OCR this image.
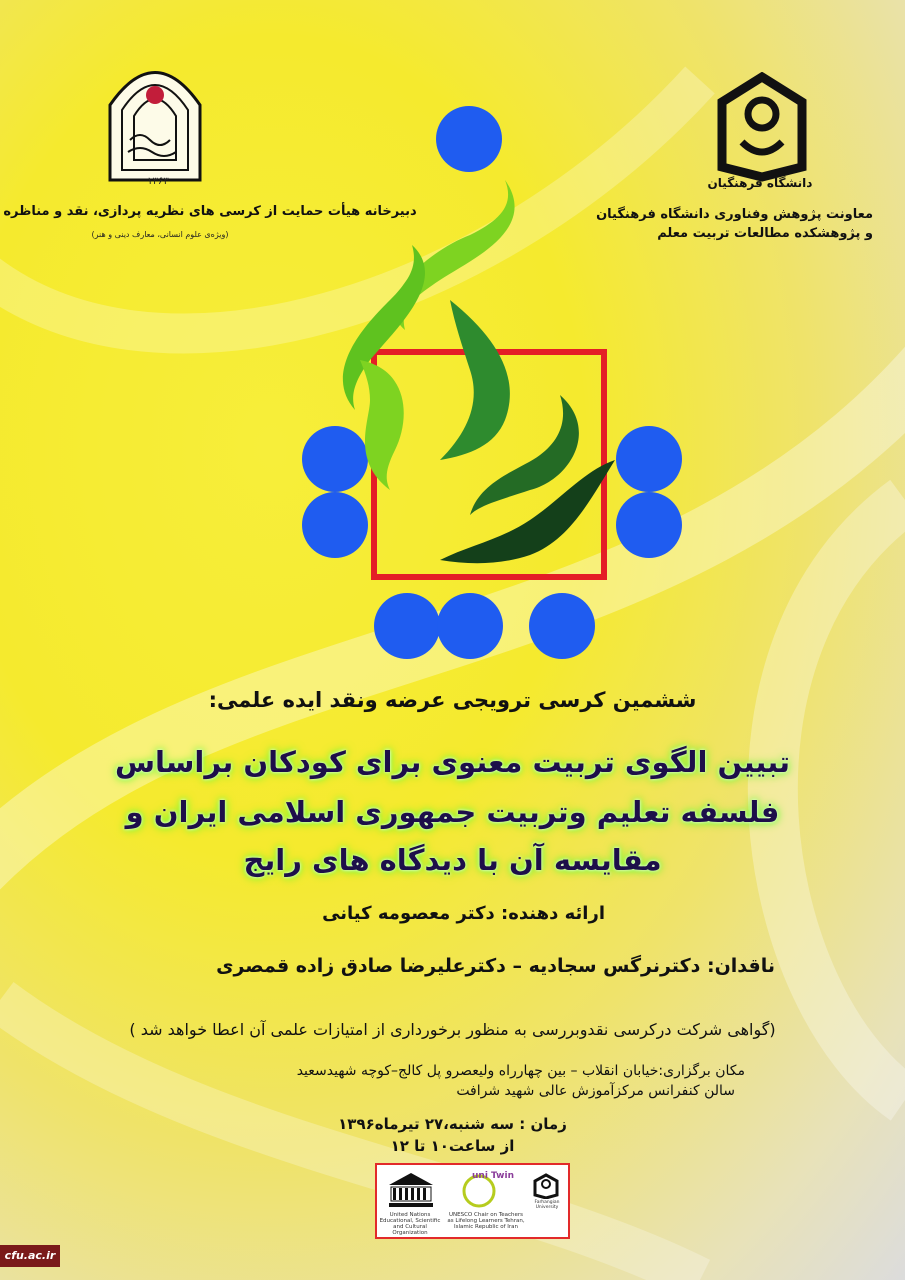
۱۳۶۳
دبیرخانه هیأت حمایت از کرسی های نظریه پردازی، نقد و مناظره
(ویژه‌ی علوم انسانی، معارف دینی و هنر)
دانشگاه فرهنگیان
معاونت پژوهش وفناوری دانشگاه فرهنگیان
و پژوهشکده مطالعات تربیت معلم
ششمین کرسی ترویجی عرضه ونقد ایده علمی:
تبیین الگوی تربیت معنوی برای کودکان براساس
فلسفه تعلیم وتربیت جمهوری اسلامی ایران و
مقایسه آن با دیدگاه های رایج
ارائه دهنده: دکتر معصومه کیانی
ناقدان: دکترنرگس سجادیه – دکترعلیرضا صادق زاده قمصری
(گواهی شرکت درکرسی نقدوبررسی به منظور برخورداری از امتیازات علمی آن اعطا خواهد شد )
مکان برگزاری:خیابان انقلاب – بین چهارراه ولیعصرو پل کالج–کوچه شهیدسعید
سالن کنفرانس مرکزآموزش عالی شهید شرافت
زمان : سه شنبه،۲۷ تیرماه۱۳۹۶
از ساعت۱۰ تا ۱۲
United Nations Educational, Scientific and Cultural Organization
uni Twin
UNESCO Chair on Teachers as Lifelong Learners Tehran, Islamic Republic of Iran
Farhangian University
cfu.ac.ir
